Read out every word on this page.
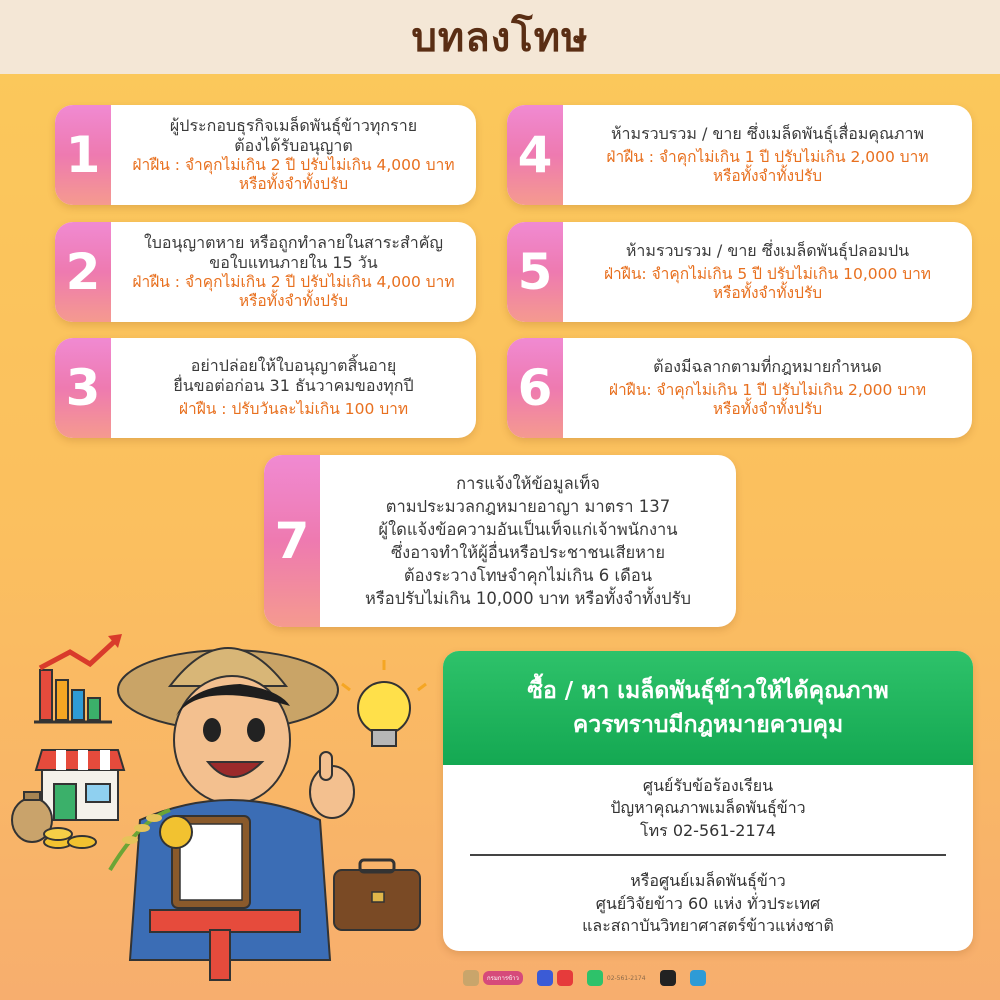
บทลงโทษ
1
ผู้ประกอบธุรกิจเมล็ดพันธุ์ข้าวทุกราย
ต้องได้รับอนุญาต
ฝ่าฝืน : จำคุกไม่เกิน 2 ปี ปรับไม่เกิน 4,000 บาท
หรือทั้งจำทั้งปรับ
2
ใบอนุญาตหาย หรือถูกทำลายในสาระสำคัญ
ขอใบแทนภายใน 15 วัน
ฝ่าฝืน : จำคุกไม่เกิน 2 ปี ปรับไม่เกิน 4,000 บาท
หรือทั้งจำทั้งปรับ
3	อย่าปล่อยให้ใบอนุญาตสิ้นอายุ
ยื่นขอต่อก่อน 31 ธันวาคมของทุกปี
ฝ่าฝืน : ปรับวันละไม่เกิน 100 บาท
4	ห้ามรวบรวม / ขาย ซึ่งเมล็ดพันธุ์เสื่อมคุณภาพ
ฝ่าฝืน : จำคุกไม่เกิน 1 ปี ปรับไม่เกิน 2,000 บาท
หรือทั้งจำทั้งปรับ
5	ห้ามรวบรวม / ขาย ซึ่งเมล็ดพันธุ์ปลอมปน
ฝ่าฝืน: จำคุกไม่เกิน 5 ปี ปรับไม่เกิน 10,000 บาท
หรือทั้งจำทั้งปรับ
6	ต้องมีฉลากตามที่กฎหมายกำหนด
ฝ่าฝืน: จำคุกไม่เกิน 1 ปี ปรับไม่เกิน 2,000 บาท
หรือทั้งจำทั้งปรับ
7
การแจ้งให้ข้อมูลเท็จ
ตามประมวลกฎหมายอาญา มาตรา 137
ผู้ใดแจ้งข้อความอันเป็นเท็จแก่เจ้าพนักงาน
ซึ่งอาจทำให้ผู้อื่นหรือประชาชนเสียหาย
ต้องระวางโทษจำคุกไม่เกิน 6 เดือน
หรือปรับไม่เกิน 10,000 บาท หรือทั้งจำทั้งปรับ
ซื้อ / หา เมล็ดพันธุ์ข้าวให้ได้คุณภาพ
ควรทราบมีกฎหมายควบคุม
ศูนย์รับข้อร้องเรียน
ปัญหาคุณภาพเมล็ดพันธุ์ข้าว
โทร 02-561-2174
หรือศูนย์เมล็ดพันธุ์ข้าว
ศูนย์วิจัยข้าว 60 แห่ง ทั่วประเทศ
และสถาบันวิทยาศาสตร์ข้าวแห่งชาติ
กรมการข้าว	02-561-2174
